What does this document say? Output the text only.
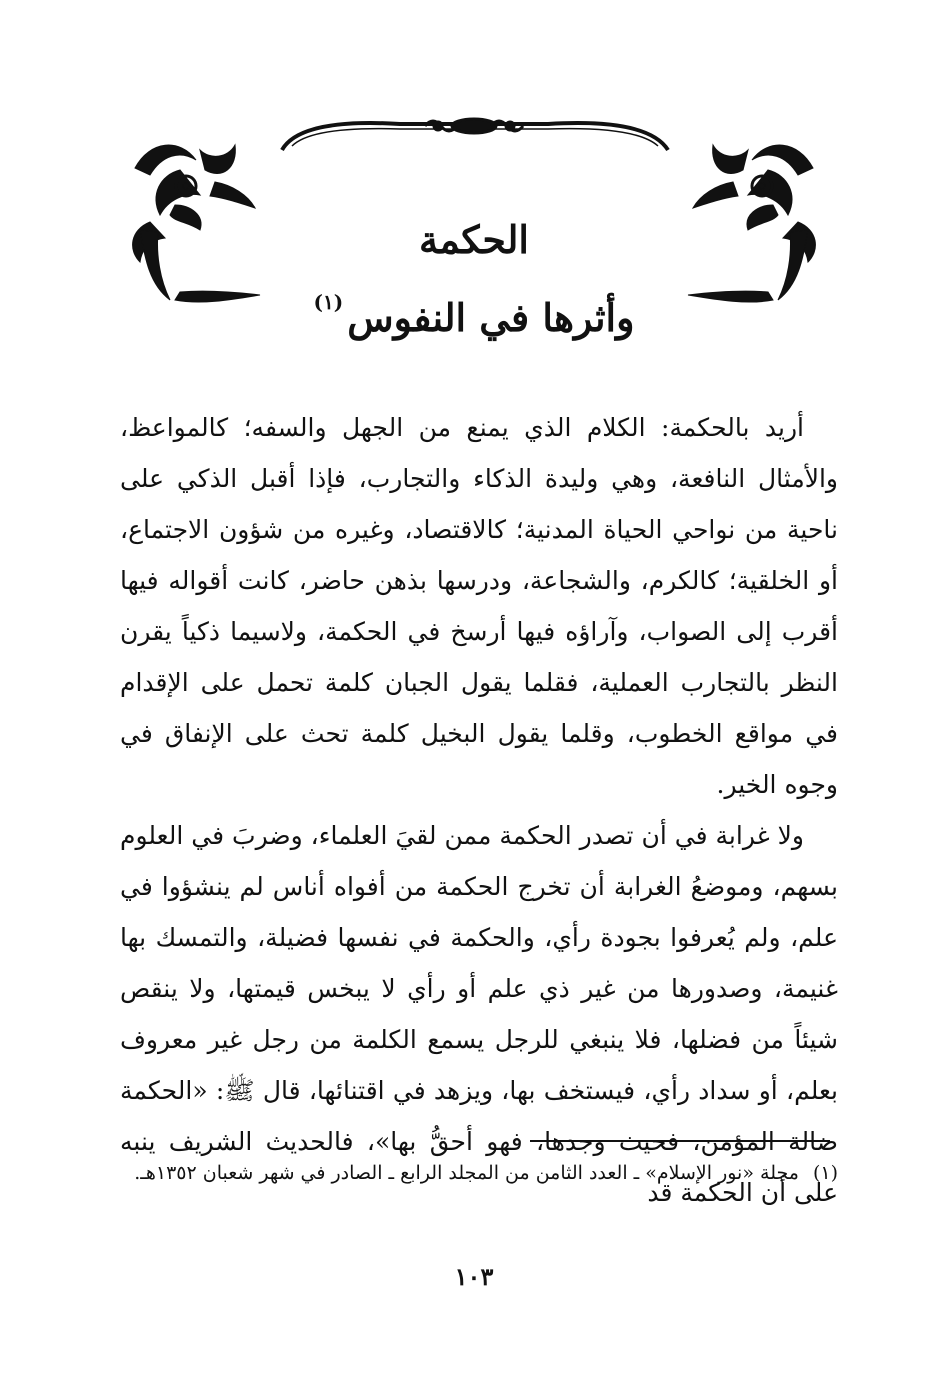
الحكمة
وأثرها في النفوس$^{(١)}$

أريد بالحكمة: الكلام الذي يمنع من الجهل والسفه؛ كالمواعظ، والأمثال النافعة، وهي وليدة الذكاء والتجارب، فإذا أقبل الذكي على ناحية من نواحي الحياة المدنية؛ كالاقتصاد، وغيره من شؤون الاجتماع، أو الخلقية؛ كالكرم، والشجاعة، ودرسها بذهن حاضر، كانت أقواله فيها أقرب إلى الصواب، وآراؤه فيها أرسخ في الحكمة، ولاسيما ذكياً يقرن النظر بالتجارب العملية، فقلما يقول الجبان كلمة تحمل على الإقدام في مواقع الخطوب، وقلما يقول البخيل كلمة تحث على الإنفاق في وجوه الخير.

ولا غرابة في أن تصدر الحكمة ممن لقيَ العلماء، وضربَ في العلوم بسهم، وموضعُ الغرابة أن تخرج الحكمة من أفواه أناس لم ينشؤوا في علم، ولم يُعرفوا بجودة رأي، والحكمة في نفسها فضيلة، والتمسك بها غنيمة، وصدورها من غير ذي علم أو رأي لا يبخس قيمتها، ولا ينقص شيئاً من فضلها، فلا ينبغي للرجل يسمع الكلمة من رجل غير معروف بعلم، أو سداد رأي، فيستخف بها، ويزهد في اقتنائها، قال ﷺ: «الحكمة ضالة المؤمن، فحيث وجدها، فهو أحقُّ بها»، فالحديث الشريف ينبه على أن الحكمة قد

(١)مجلة «نور الإسلام» ـ العدد الثامن من المجلد الرابع ـ الصادر في شهر شعبان ١٣٥٢هـ.
١٠٣
